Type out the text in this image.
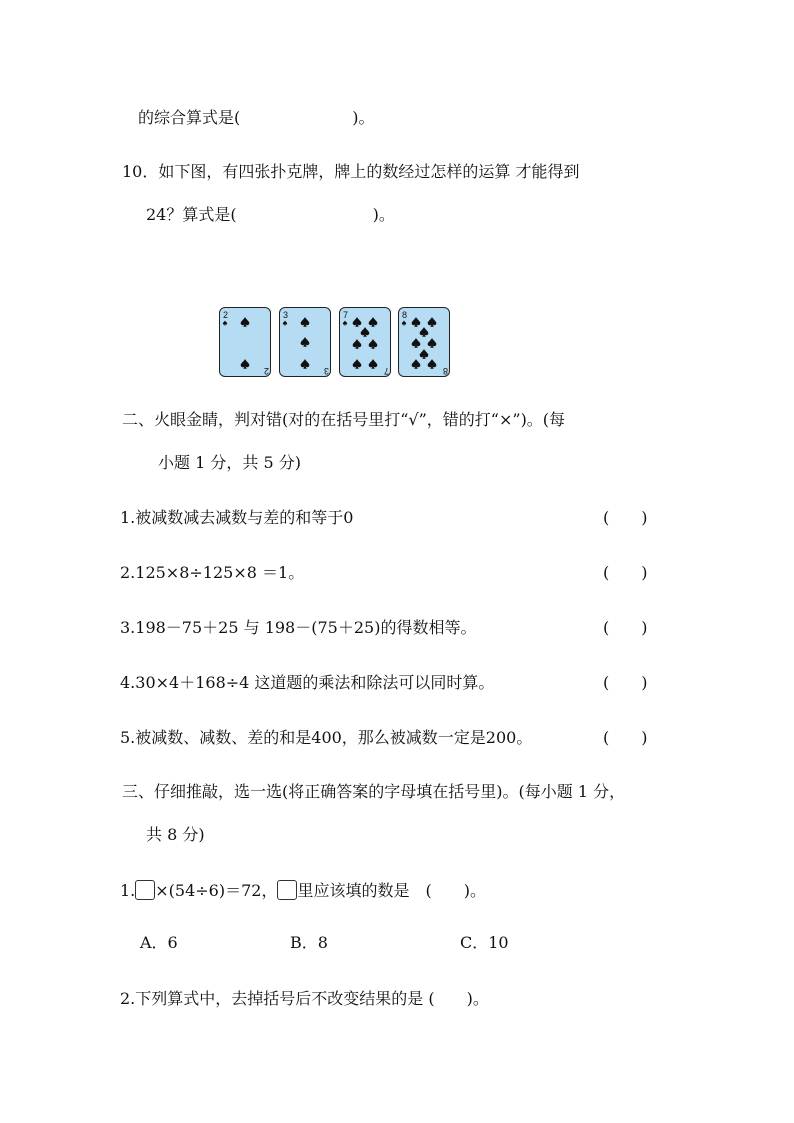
的综合算式是(	)。
10．如下图，有四张扑克牌，牌上的数经过怎样的运算 才能得到
24？算式是(	)。
2
2
3
3
7
7
8
8
二、火眼金睛，判对错(对的在括号里打“√”，错的打“×”)。(每
小题 1 分，共 5 分)
1.被减数减去减数与差的和等于0	(　　)
2.125×8÷125×8 ＝1。	(　　)
3.198－75＋25 与 198－(75＋25)的得数相等。	(　　)
4.30×4＋168÷4 这道题的乘法和除法可以同时算。	(　　)
5.被减数、减数、差的和是400，那么被减数一定是200。	(　　)
三、仔细推敲，选一选(将正确答案的字母填在括号里)。(每小题 1 分，
共 8 分)
1. ×(54÷6)＝72， 里应该填的数是　(　　)。
A．6	B．8	C．10
2.下列算式中，去掉括号后不改变结果的是 (　　)。
